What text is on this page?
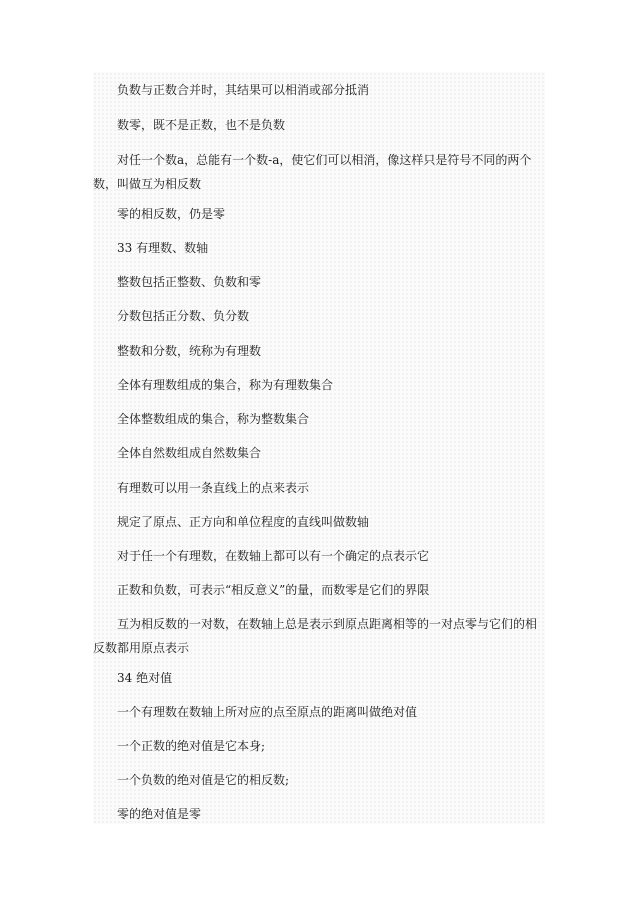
负数与正数合并时，其结果可以相消或部分抵消

数零，既不是正数，也不是负数

对任一个数a，总能有一个数-a，使它们可以相消，像这样只是符号不同的两个数，叫做互为相反数

零的相反数，仍是零

33 有理数、数轴

整数包括正整数、负数和零

分数包括正分数、负分数

整数和分数，统称为有理数

全体有理数组成的集合，称为有理数集合

全体整数组成的集合，称为整数集合

全体自然数组成自然数集合

有理数可以用一条直线上的点来表示

规定了原点、正方向和单位程度的直线叫做数轴

对于任一个有理数，在数轴上都可以有一个确定的点表示它

正数和负数，可表示“相反意义”的量，而数零是它们的界限

互为相反数的一对数，在数轴上总是表示到原点距离相等的一对点零与它们的相反数都用原点表示

34 绝对值

一个有理数在数轴上所对应的点至原点的距离叫做绝对值

一个正数的绝对值是它本身;

一个负数的绝对值是它的相反数;

零的绝对值是零
